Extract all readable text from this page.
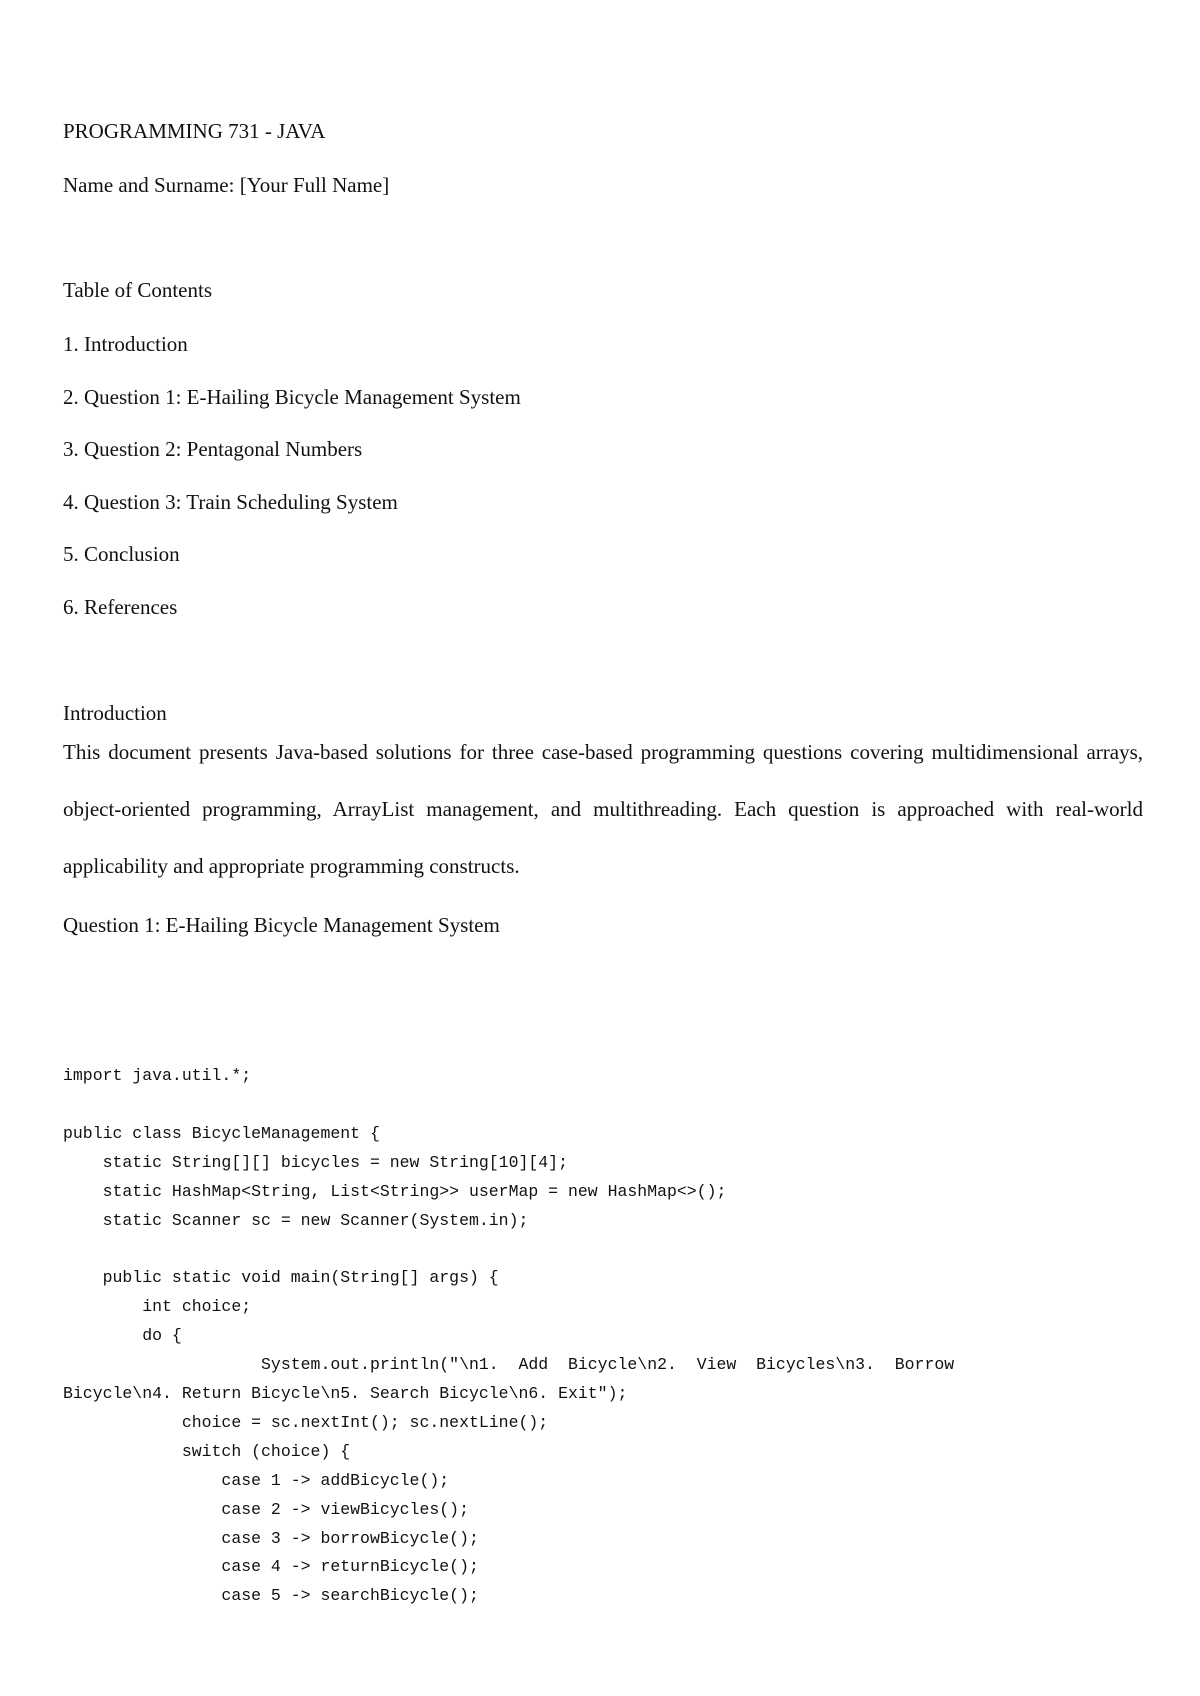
PROGRAMMING 731 - JAVA
Name and Surname: [Your Full Name]
Table of Contents
1. Introduction
2. Question 1: E-Hailing Bicycle Management System
3. Question 2: Pentagonal Numbers
4. Question 3: Train Scheduling System
5. Conclusion
6. References
Introduction
This document presents Java-based solutions for three case-based programming questions covering multidimensional arrays, object-oriented programming, ArrayList management, and multithreading. Each question is approached with real-world applicability and appropriate programming constructs.
Question 1: E-Hailing Bicycle Management System
import java.util.*;

public class BicycleManagement {
static String[][] bicycles = new String[10][4];
static HashMap<String, List<String>> userMap = new HashMap<>();
static Scanner sc = new Scanner(System.in);

public static void main(String[] args) {
int choice;
do {
System.out.println("\n1.  Add  Bicycle\n2.  View  Bicycles\n3.  Borrow
Bicycle\n4. Return Bicycle\n5. Search Bicycle\n6. Exit");
choice = sc.nextInt(); sc.nextLine();
switch (choice) {
case 1 -> addBicycle();
case 2 -> viewBicycles();
case 3 -> borrowBicycle();
case 4 -> returnBicycle();
case 5 -> searchBicycle();
